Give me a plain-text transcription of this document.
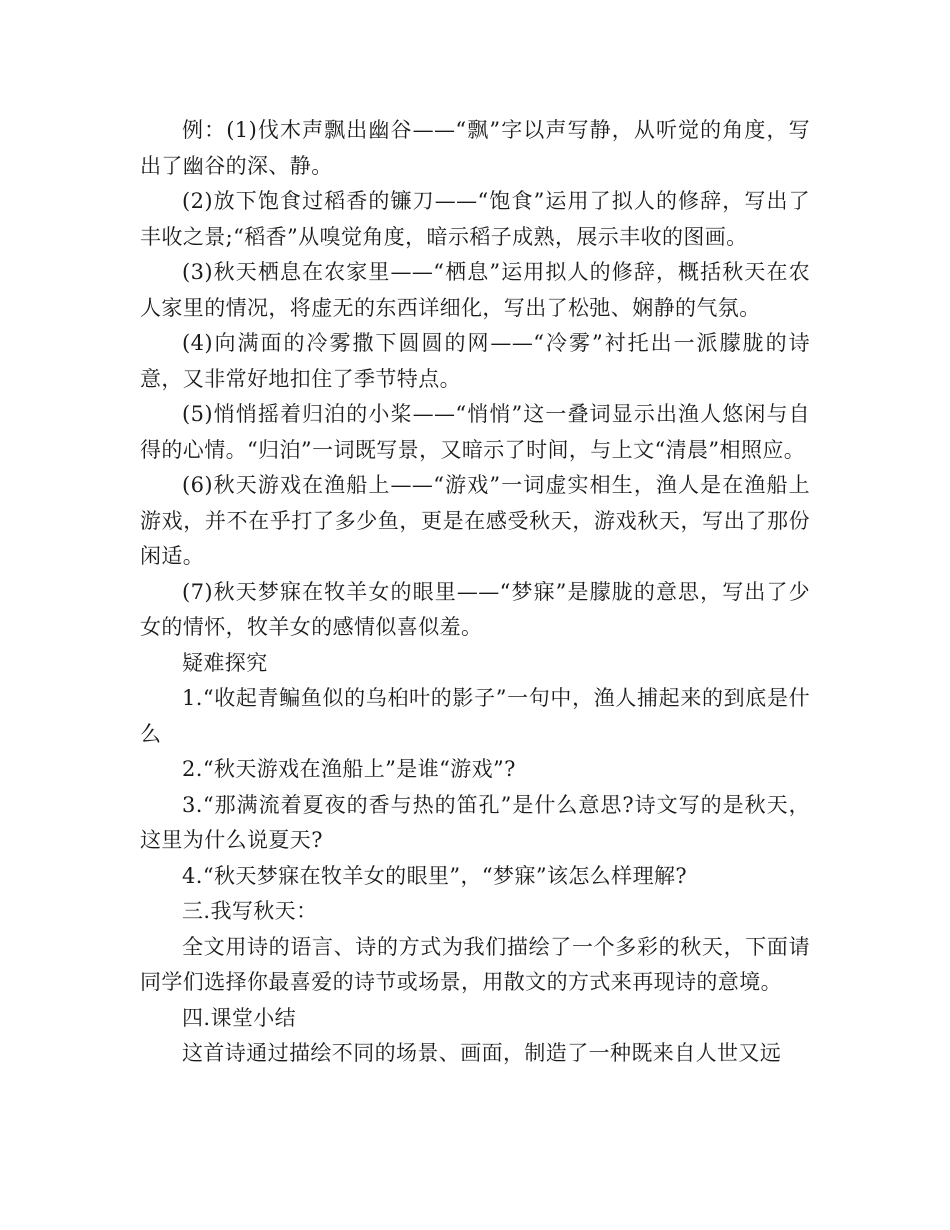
例：(1)伐木声飘出幽谷——“飘”字以声写静，从听觉的角度，写出了幽谷的深、静。

(2)放下饱食过稻香的镰刀——“饱食”运用了拟人的修辞，写出了丰收之景;“稻香”从嗅觉角度，暗示稻子成熟，展示丰收的图画。

(3)秋天栖息在农家里——“栖息”运用拟人的修辞，概括秋天在农人家里的情况，将虚无的东西详细化，写出了松弛、娴静的气氛。

(4)向满面的冷雾撒下圆圆的网——“冷雾”衬托出一派朦胧的诗意，又非常好地扣住了季节特点。

(5)悄悄摇着归泊的小桨——“悄悄”这一叠词显示出渔人悠闲与自得的心情。“归泊”一词既写景，又暗示了时间，与上文“清晨”相照应。

(6)秋天游戏在渔船上——“游戏”一词虚实相生，渔人是在渔船上游戏，并不在乎打了多少鱼，更是在感受秋天，游戏秋天，写出了那份闲适。

(7)秋天梦寐在牧羊女的眼里——“梦寐”是朦胧的意思，写出了少女的情怀，牧羊女的感情似喜似羞。

疑难探究

1.“收起青鳊鱼似的乌桕叶的影子”一句中，渔人捕起来的到底是什么

2.“秋天游戏在渔船上”是谁“游戏”?

3.“那满流着夏夜的香与热的笛孔”是什么意思?诗文写的是秋天，这里为什么说夏天?

4.“秋天梦寐在牧羊女的眼里”，“梦寐”该怎么样理解?

三.我写秋天：

全文用诗的语言、诗的方式为我们描绘了一个多彩的秋天，下面请同学们选择你最喜爱的诗节或场景，用散文的方式来再现诗的意境。

四.课堂小结

这首诗通过描绘不同的场景、画面，制造了一种既来自人世又远
